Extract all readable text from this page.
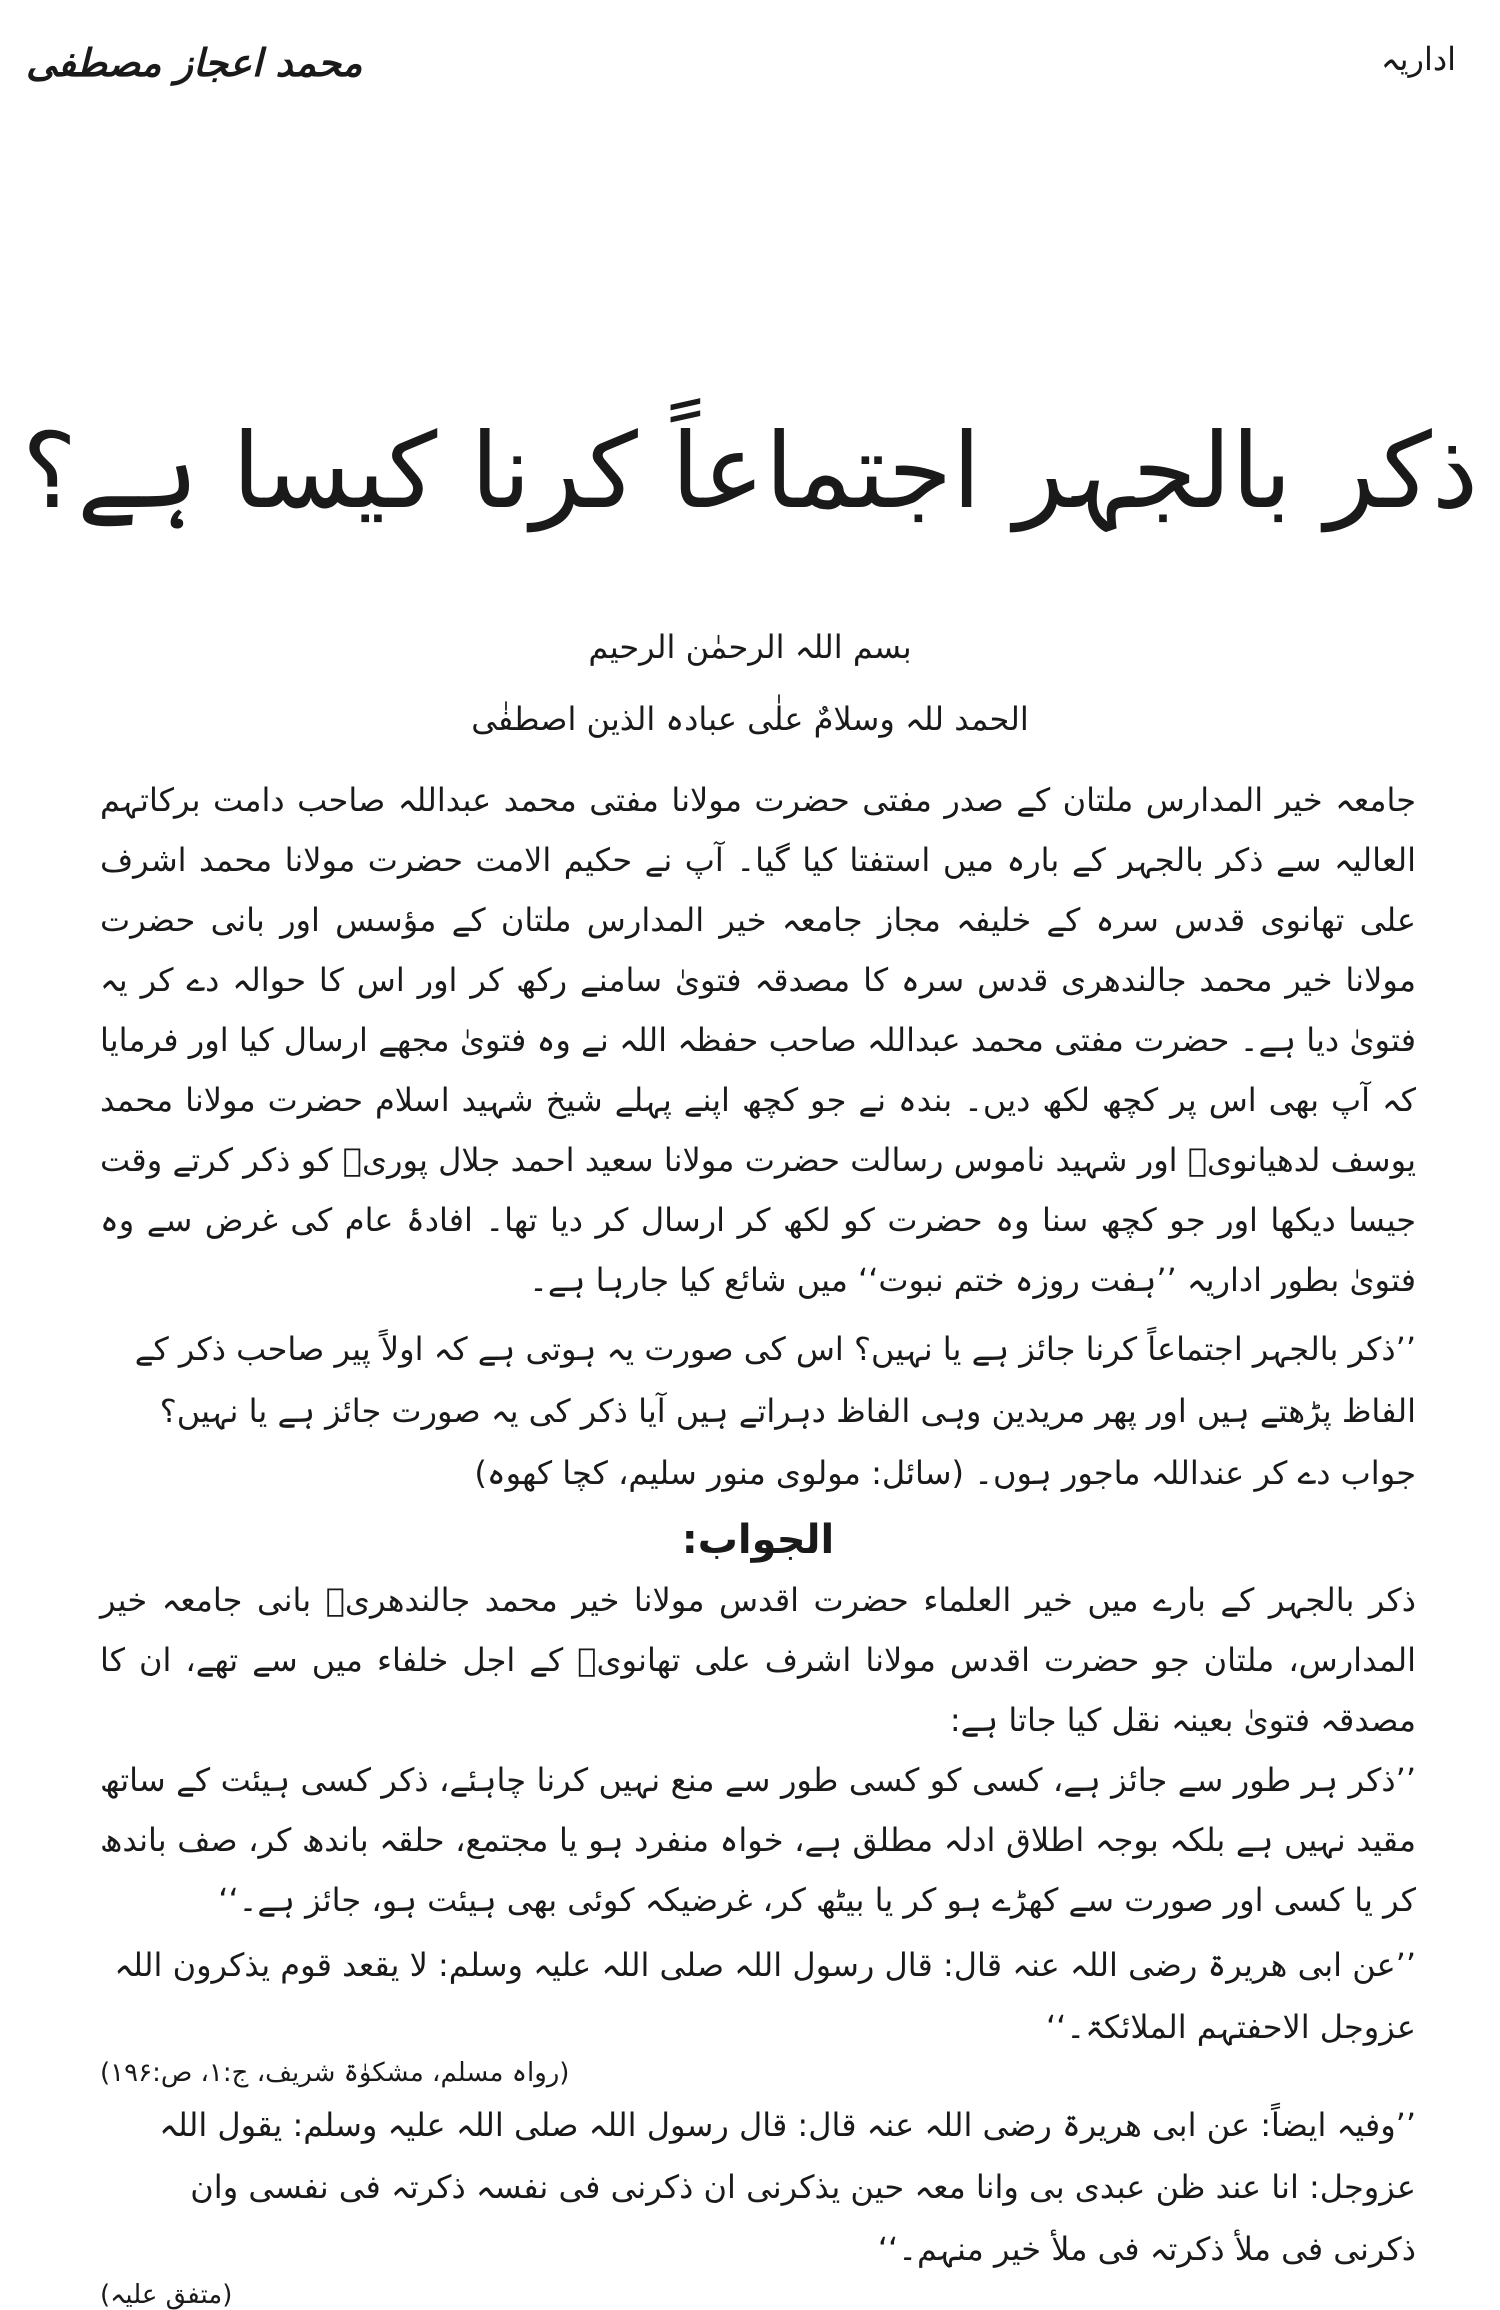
اداریہ
محمد اعجاز مصطفی
ذکر بالجہر اجتماعاً کرنا کیسا ہے؟
بسم اللہ الرحمٰن الرحیم
الحمد للہ وسلامٌ علٰی عبادہ الذین اصطفٰی

جامعہ خیر المدارس ملتان کے صدر مفتی حضرت مولانا مفتی محمد عبداللہ صاحب دامت برکاتہم العالیہ سے ذکر بالجہر کے بارہ میں استفتا کیا گیا۔ آپ نے حکیم الامت حضرت مولانا محمد اشرف علی تھانوی قدس سرہ کے خلیفہ مجاز جامعہ خیر المدارس ملتان کے مؤسس اور بانی حضرت مولانا خیر محمد جالندھری قدس سرہ کا مصدقہ فتویٰ سامنے رکھ کر اور اس کا حوالہ دے کر یہ فتویٰ دیا ہے۔ حضرت مفتی محمد عبداللہ صاحب حفظہ اللہ نے وہ فتویٰ مجھے ارسال کیا اور فرمایا کہ آپ بھی اس پر کچھ لکھ دیں۔ بندہ نے جو کچھ اپنے پہلے شیخ شہید اسلام حضرت مولانا محمد یوسف لدھیانویؒ اور شہید ناموس رسالت حضرت مولانا سعید احمد جلال پوریؒ کو ذکر کرتے وقت جیسا دیکھا اور جو کچھ سنا وہ حضرت کو لکھ کر ارسال کر دیا تھا۔ افادۂ عام کی غرض سے وہ فتویٰ بطور اداریہ ’’ہفت روزہ ختم نبوت‘‘ میں شائع کیا جارہا ہے۔

’’ذکر بالجہر اجتماعاً کرنا جائز ہے یا نہیں؟ اس کی صورت یہ ہوتی ہے کہ اولاً پیر صاحب ذکر کے الفاظ پڑھتے ہیں اور پھر مریدین وہی الفاظ دہراتے ہیں آیا ذکر کی یہ صورت جائز ہے یا نہیں؟ جواب دے کر عنداللہ ماجور ہوں۔ (سائل: مولوی منور سلیم، کچا کھوہ)

الجواب:

ذکر بالجہر کے بارے میں خیر العلماء حضرت اقدس مولانا خیر محمد جالندھریؒ بانی جامعہ خیر المدارس، ملتان جو حضرت اقدس مولانا اشرف علی تھانویؒ کے اجل خلفاء میں سے تھے، ان کا مصدقہ فتویٰ بعینہ نقل کیا جاتا ہے:

’’ذکر ہر طور سے جائز ہے، کسی کو کسی طور سے منع نہیں کرنا چاہئے، ذکر کسی ہیئت کے ساتھ مقید نہیں ہے بلکہ بوجہ اطلاق ادلہ مطلق ہے، خواہ منفرد ہو یا مجتمع، حلقہ باندھ کر، صف باندھ کر یا کسی اور صورت سے کھڑے ہو کر یا بیٹھ کر، غرضیکہ کوئی بھی ہیئت ہو، جائز ہے۔‘‘

’’عن ابی ھریرۃ رضی اللہ عنہ قال: قال رسول اللہ صلی اللہ علیہ وسلم: لا یقعد قوم یذکرون اللہ عزوجل الاحفتہم الملائکۃ۔‘‘

(رواہ مسلم، مشکوٰۃ شریف، ج:۱، ص:۱۹۶)

’’وفیہ ایضاً: عن ابی ھریرۃ رضی اللہ عنہ قال: قال رسول اللہ صلی اللہ علیہ وسلم: یقول اللہ عزوجل: انا عند ظن عبدی بی وانا معہ حین یذکرنی ان ذکرنی فی نفسہ ذکرتہ فی نفسی وان ذکرنی فی ملأ ذکرتہ فی ملأ خیر منہم۔‘‘

(متفق علیہ)
